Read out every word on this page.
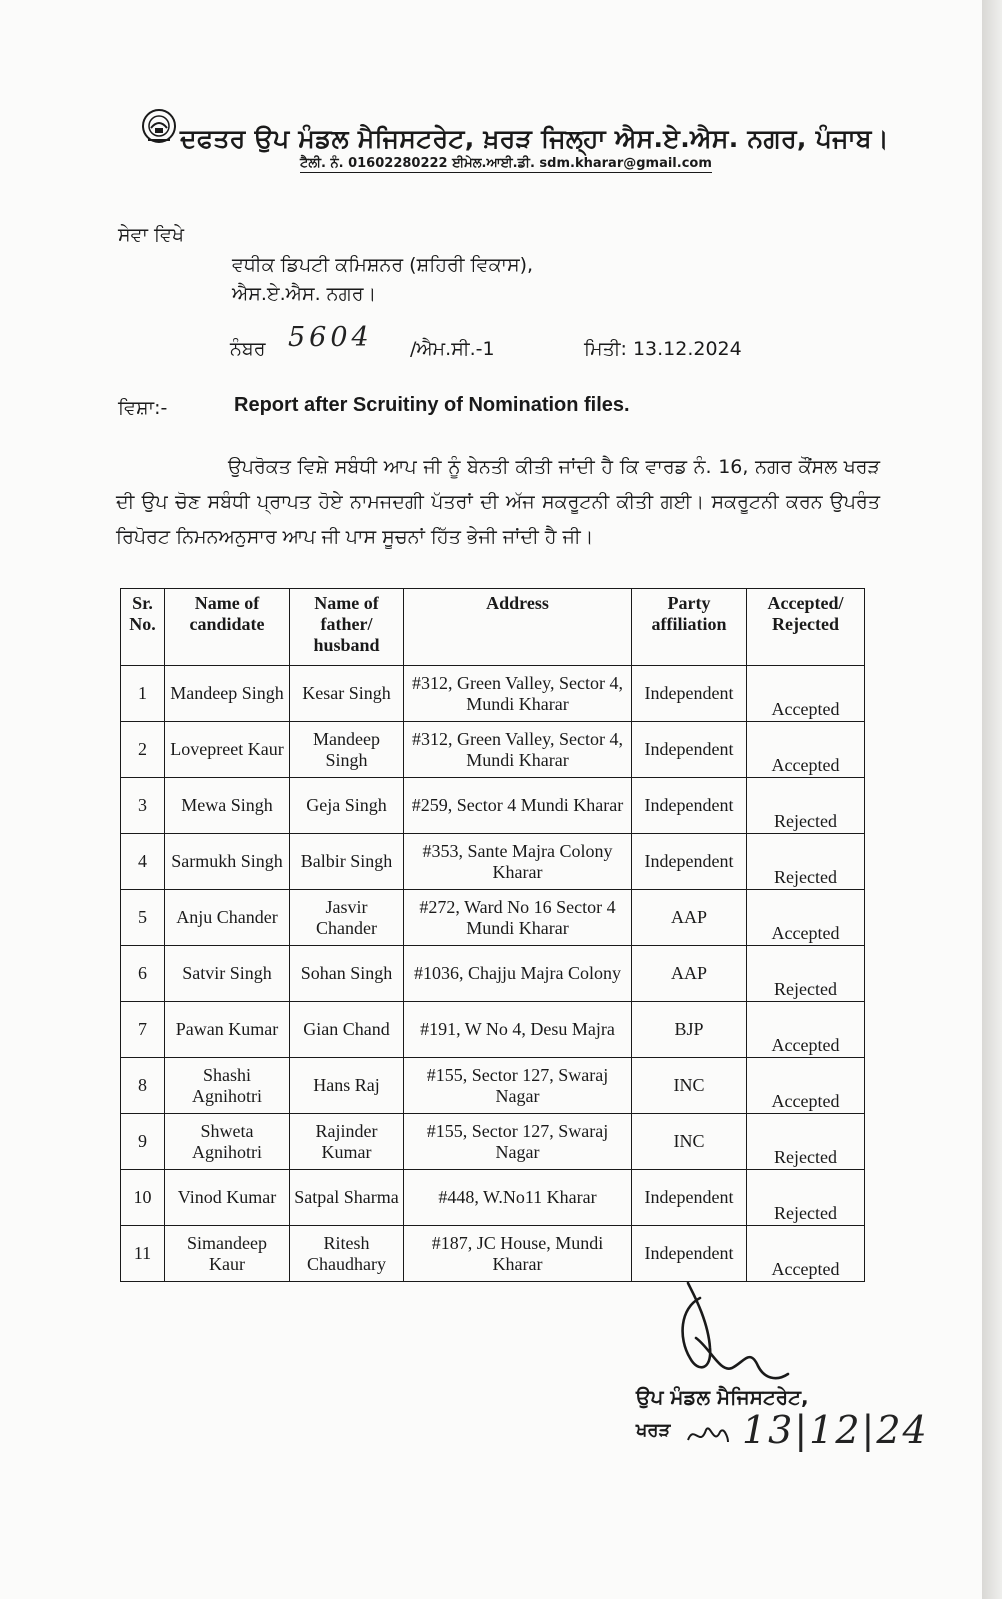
ਦਫਤਰ ਉਪ ਮੰਡਲ ਮੈਜਿਸਟਰੇਟ, ਖ਼ਰੜ ਜਿਲ੍ਹਾ ਐਸ.ਏ.ਐਸ. ਨਗਰ, ਪੰਜਾਬ।
ਟੈਲੀ. ਨੰ. 01602280222 ਈਮੇਲ.ਆਈ.ਡੀ. sdm.kharar@gmail.com
ਸੇਵਾ ਵਿਖੇ
ਵਧੀਕ ਡਿਪਟੀ ਕਮਿਸ਼ਨਰ (ਸ਼ਹਿਰੀ ਵਿਕਾਸ),
ਐਸ.ਏ.ਐਸ. ਨਗਰ।
ਨੰਬਰ 5604 /ਐਮ.ਸੀ.-1	ਮਿਤੀ: 13.12.2024
ਵਿਸ਼ਾ:-	Report after Scruitiny of Nomination files.
ਉਪਰੋਕਤ ਵਿਸ਼ੇ ਸਬੰਧੀ ਆਪ ਜੀ ਨੂੰ ਬੇਨਤੀ ਕੀਤੀ ਜਾਂਦੀ ਹੈ ਕਿ ਵਾਰਡ ਨੰ. 16, ਨਗਰ ਕੌਂਸਲ ਖਰੜ ਦੀ ਉਪ ਚੋਣ ਸਬੰਧੀ ਪ੍ਰਾਪਤ ਹੋਏ ਨਾਮਜਦਗੀ ਪੱਤਰਾਂ ਦੀ ਅੱਜ ਸਕਰੂਟਨੀ ਕੀਤੀ ਗਈ। ਸਕਰੂਟਨੀ ਕਰਨ ਉਪਰੰਤ ਰਿਪੋਰਟ ਨਿਮਨਅਨੁਸਾਰ ਆਪ ਜੀ ਪਾਸ ਸੂਚਨਾਂ ਹਿੱਤ ਭੇਜੀ ਜਾਂਦੀ ਹੈ ਜੀ।
Sr. No.	Name of candidate	Name of father/ husband	Address	Party affiliation	Accepted/ Rejected
1	Mandeep Singh	Kesar Singh	#312, Green Valley, Sector 4, Mundi Kharar	Independent	Accepted
2	Lovepreet Kaur	Mandeep Singh	#312, Green Valley, Sector 4, Mundi Kharar	Independent	Accepted
3	Mewa Singh	Geja Singh	#259, Sector 4 Mundi Kharar	Independent	Rejected
4	Sarmukh Singh	Balbir Singh	#353, Sante Majra Colony Kharar	Independent	Rejected
5	Anju Chander	Jasvir Chander	#272, Ward No 16 Sector 4 Mundi Kharar	AAP	Accepted
6	Satvir Singh	Sohan Singh	#1036, Chajju Majra Colony	AAP	Rejected
7	Pawan Kumar	Gian Chand	#191, W No 4, Desu Majra	BJP	Accepted
8	Shashi Agnihotri	Hans Raj	#155, Sector 127, Swaraj Nagar	INC	Accepted
9	Shweta Agnihotri	Rajinder Kumar	#155, Sector 127, Swaraj Nagar	INC	Rejected
10	Vinod Kumar	Satpal Sharma	#448, W.No11 Kharar	Independent	Rejected
11	Simandeep Kaur	Ritesh Chaudhary	#187, JC House, Mundi Kharar	Independent	Accepted
ਉਪ ਮੰਡਲ ਮੈਜਿਸਟਰੇਟ,
ਖਰੜ 13|12|24
